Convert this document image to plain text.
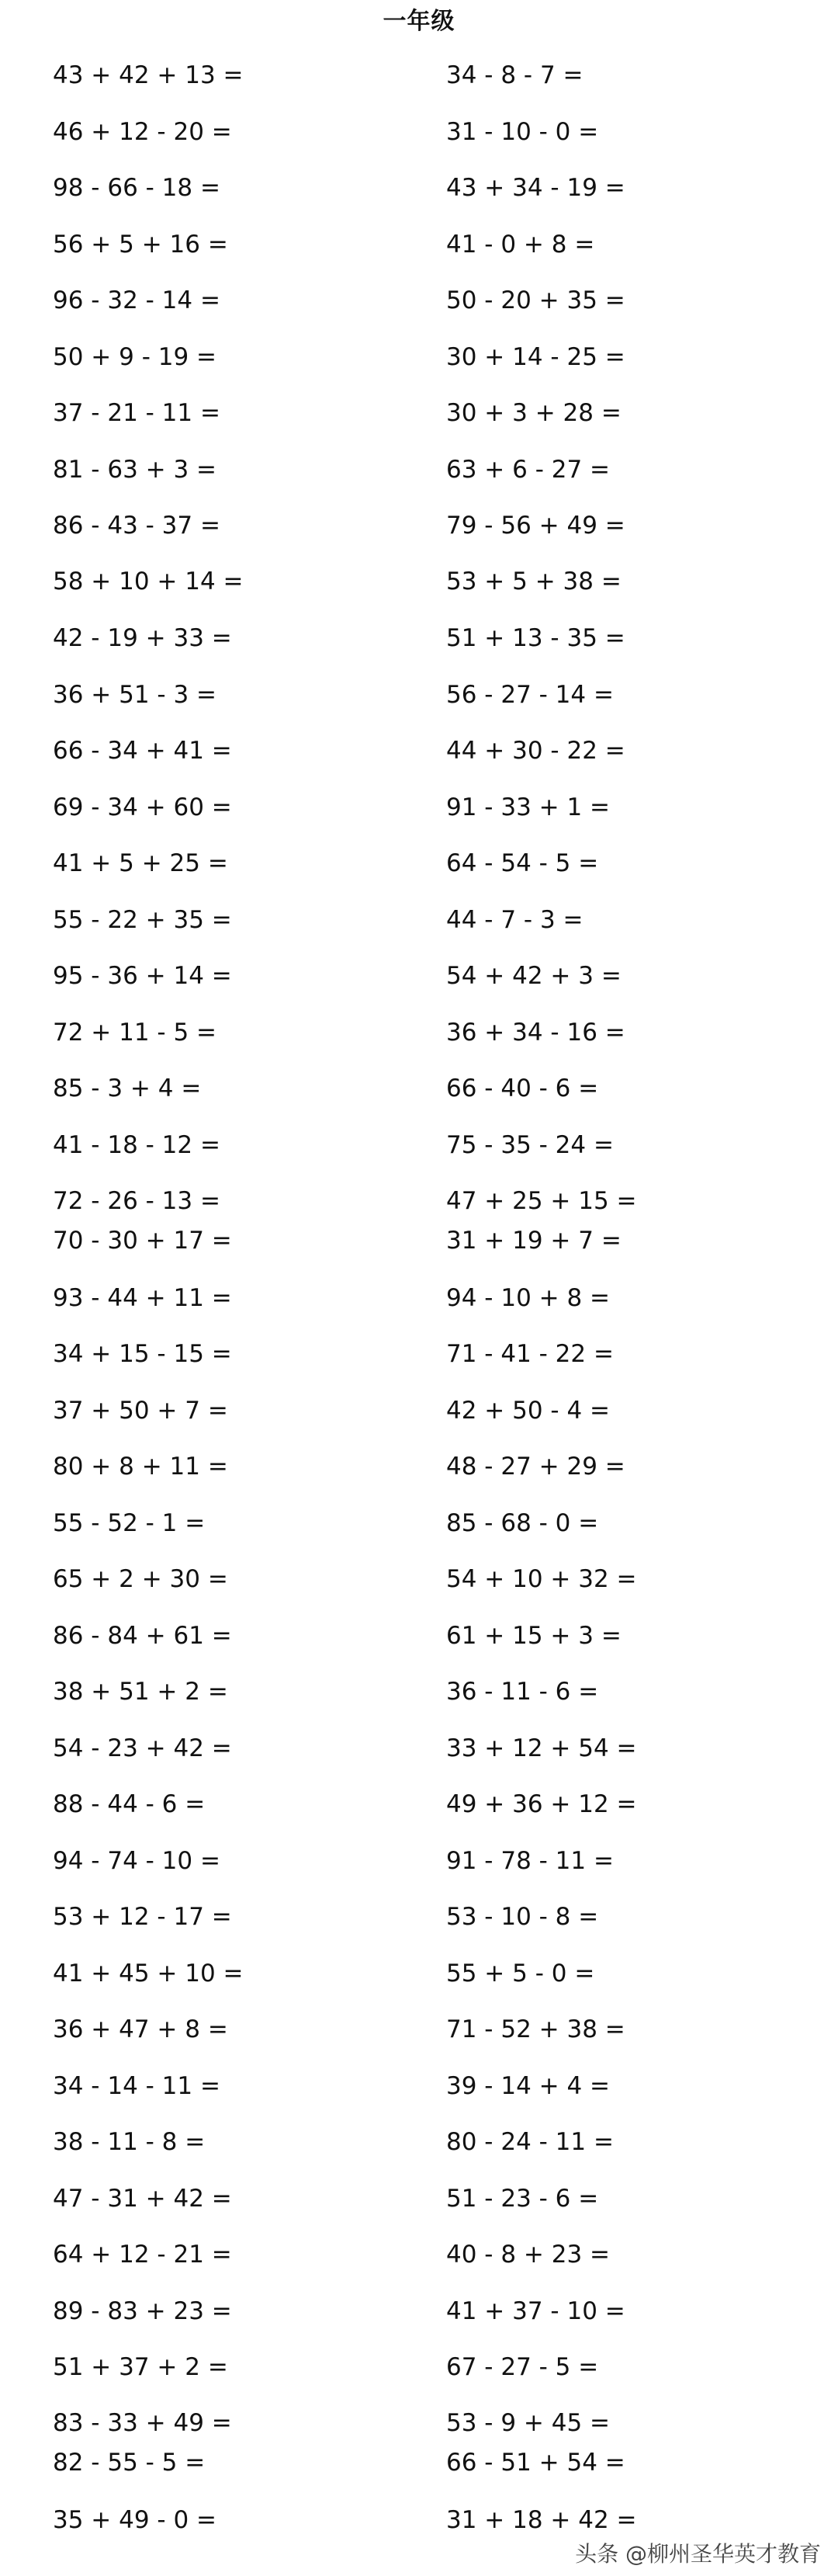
一年级
43 + 42 + 13 =
46 + 12 - 20 =
98 - 66 - 18 =
56 + 5 + 16 =
96 - 32 - 14 =
50 + 9 - 19 =
37 - 21 - 11 =
81 - 63 + 3 =
86 - 43 - 37 =
58 + 10 + 14 =
42 - 19 + 33 =
36 + 51 - 3 =
66 - 34 + 41 =
69 - 34 + 60 =
41 + 5 + 25 =
55 - 22 + 35 =
95 - 36 + 14 =
72 + 11 - 5 =
85 - 3 + 4 =
41 - 18 - 12 =
72 - 26 - 13 =
70 - 30 + 17 =
93 - 44 + 11 =
34 + 15 - 15 =
37 + 50 + 7 =
80 + 8 + 11 =
55 - 52 - 1 =
65 + 2 + 30 =
86 - 84 + 61 =
38 + 51 + 2 =
54 - 23 + 42 =
88 - 44 - 6 =
94 - 74 - 10 =
53 + 12 - 17 =
41 + 45 + 10 =
36 + 47 + 8 =
34 - 14 - 11 =
38 - 11 - 8 =
47 - 31 + 42 =
64 + 12 - 21 =
89 - 83 + 23 =
51 + 37 + 2 =
83 - 33 + 49 =
82 - 55 - 5 =
35 + 49 - 0 =
34 - 8 - 7 =
31 - 10 - 0 =
43 + 34 - 19 =
41 - 0 + 8 =
50 - 20 + 35 =
30 + 14 - 25 =
30 + 3 + 28 =
63 + 6 - 27 =
79 - 56 + 49 =
53 + 5 + 38 =
51 + 13 - 35 =
56 - 27 - 14 =
44 + 30 - 22 =
91 - 33 + 1 =
64 - 54 - 5 =
44 - 7 - 3 =
54 + 42 + 3 =
36 + 34 - 16 =
66 - 40 - 6 =
75 - 35 - 24 =
47 + 25 + 15 =
31 + 19 + 7 =
94 - 10 + 8 =
71 - 41 - 22 =
42 + 50 - 4 =
48 - 27 + 29 =
85 - 68 - 0 =
54 + 10 + 32 =
61 + 15 + 3 =
36 - 11 - 6 =
33 + 12 + 54 =
49 + 36 + 12 =
91 - 78 - 11 =
53 - 10 - 8 =
55 + 5 - 0 =
71 - 52 + 38 =
39 - 14 + 4 =
80 - 24 - 11 =
51 - 23 - 6 =
40 - 8 + 23 =
41 + 37 - 10 =
67 - 27 - 5 =
53 - 9 + 45 =
66 - 51 + 54 =
31 + 18 + 42 =
头条 @柳州圣华英才教育
